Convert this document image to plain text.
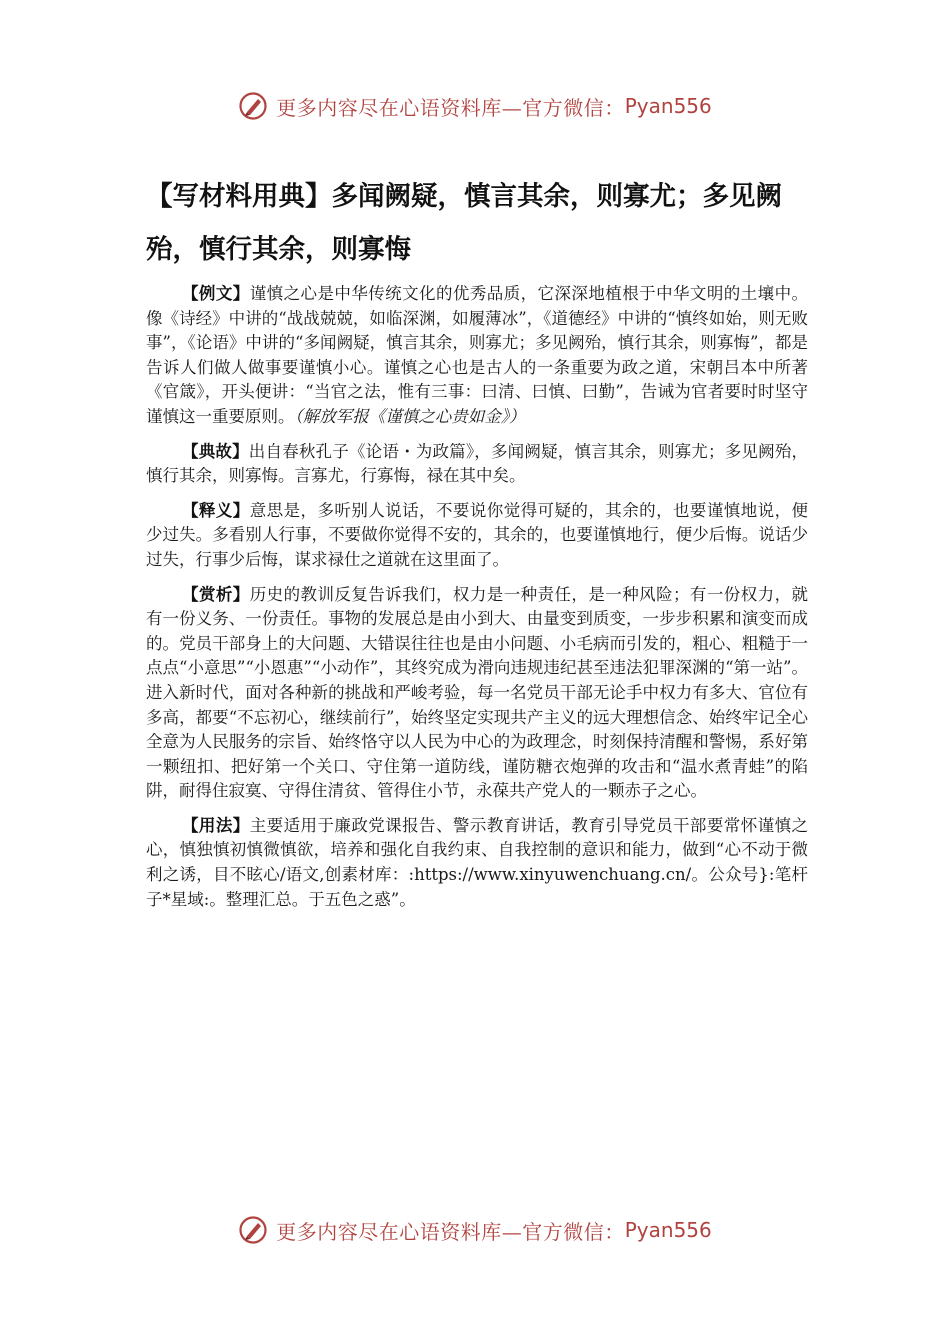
更多内容尽在心语资料库—官方微信： Pyan556
【写材料用典】多闻阙疑，慎言其余，则寡尤；多见阙殆，慎行其余，则寡悔

【例文】谨慎之心是中华传统文化的优秀品质，它深深地植根于中华文明的土壤中。像《诗经》中讲的“战战兢兢，如临深渊，如履薄冰”，《道德经》中讲的“慎终如始，则无败事”，《论语》中讲的“多闻阙疑，慎言其余，则寡尤；多见阙殆，慎行其余，则寡悔”，都是告诉人们做人做事要谨慎小心。谨慎之心也是古人的一条重要为政之道，宋朝吕本中所著《官箴》，开头便讲：“当官之法，惟有三事：曰清、曰慎、曰勤”，告诫为官者要时时坚守谨慎这一重要原则。（解放军报《谨慎之心贵如金》）

【典故】出自春秋孔子《论语・为政篇》，多闻阙疑，慎言其余，则寡尤；多见阙殆，慎行其余，则寡悔。言寡尤，行寡悔，禄在其中矣。

【释义】意思是，多听别人说话，不要说你觉得可疑的，其余的，也要谨慎地说，便少过失。多看别人行事，不要做你觉得不安的，其余的，也要谨慎地行，便少后悔。说话少过失，行事少后悔，谋求禄仕之道就在这里面了。

【赏析】历史的教训反复告诉我们，权力是一种责任，是一种风险；有一份权力，就有一份义务、一份责任。事物的发展总是由小到大、由量变到质变，一步步积累和演变而成的。党员干部身上的大问题、大错误往往也是由小问题、小毛病而引发的，粗心、粗糙于一点点“小意思”“小恩惠”“小动作”，其终究成为滑向违规违纪甚至违法犯罪深渊的“第一站”。进入新时代，面对各种新的挑战和严峻考验，每一名党员干部无论手中权力有多大、官位有多高，都要“不忘初心，继续前行”，始终坚定实现共产主义的远大理想信念、始终牢记全心全意为人民服务的宗旨、始终恪守以人民为中心的为政理念，时刻保持清醒和警惕，系好第一颗纽扣、把好第一个关口、守住第一道防线，谨防糖衣炮弹的攻击和“温水煮青蛙”的陷阱，耐得住寂寞、守得住清贫、管得住小节，永葆共产党人的一颗赤子之心。

【用法】主要适用于廉政党课报告、警示教育讲话，教育引导党员干部要常怀谨慎之心，慎独慎初慎微慎欲，培养和强化自我约束、自我控制的意识和能力，做到“心不动于微利之诱，目不眩心/语文,创素材库：:https://www.xinyuwenchuang.cn/。公众号}:笔杆子*星域:。整理汇总。于五色之惑”。

更多内容尽在心语资料库—官方微信： Pyan556
